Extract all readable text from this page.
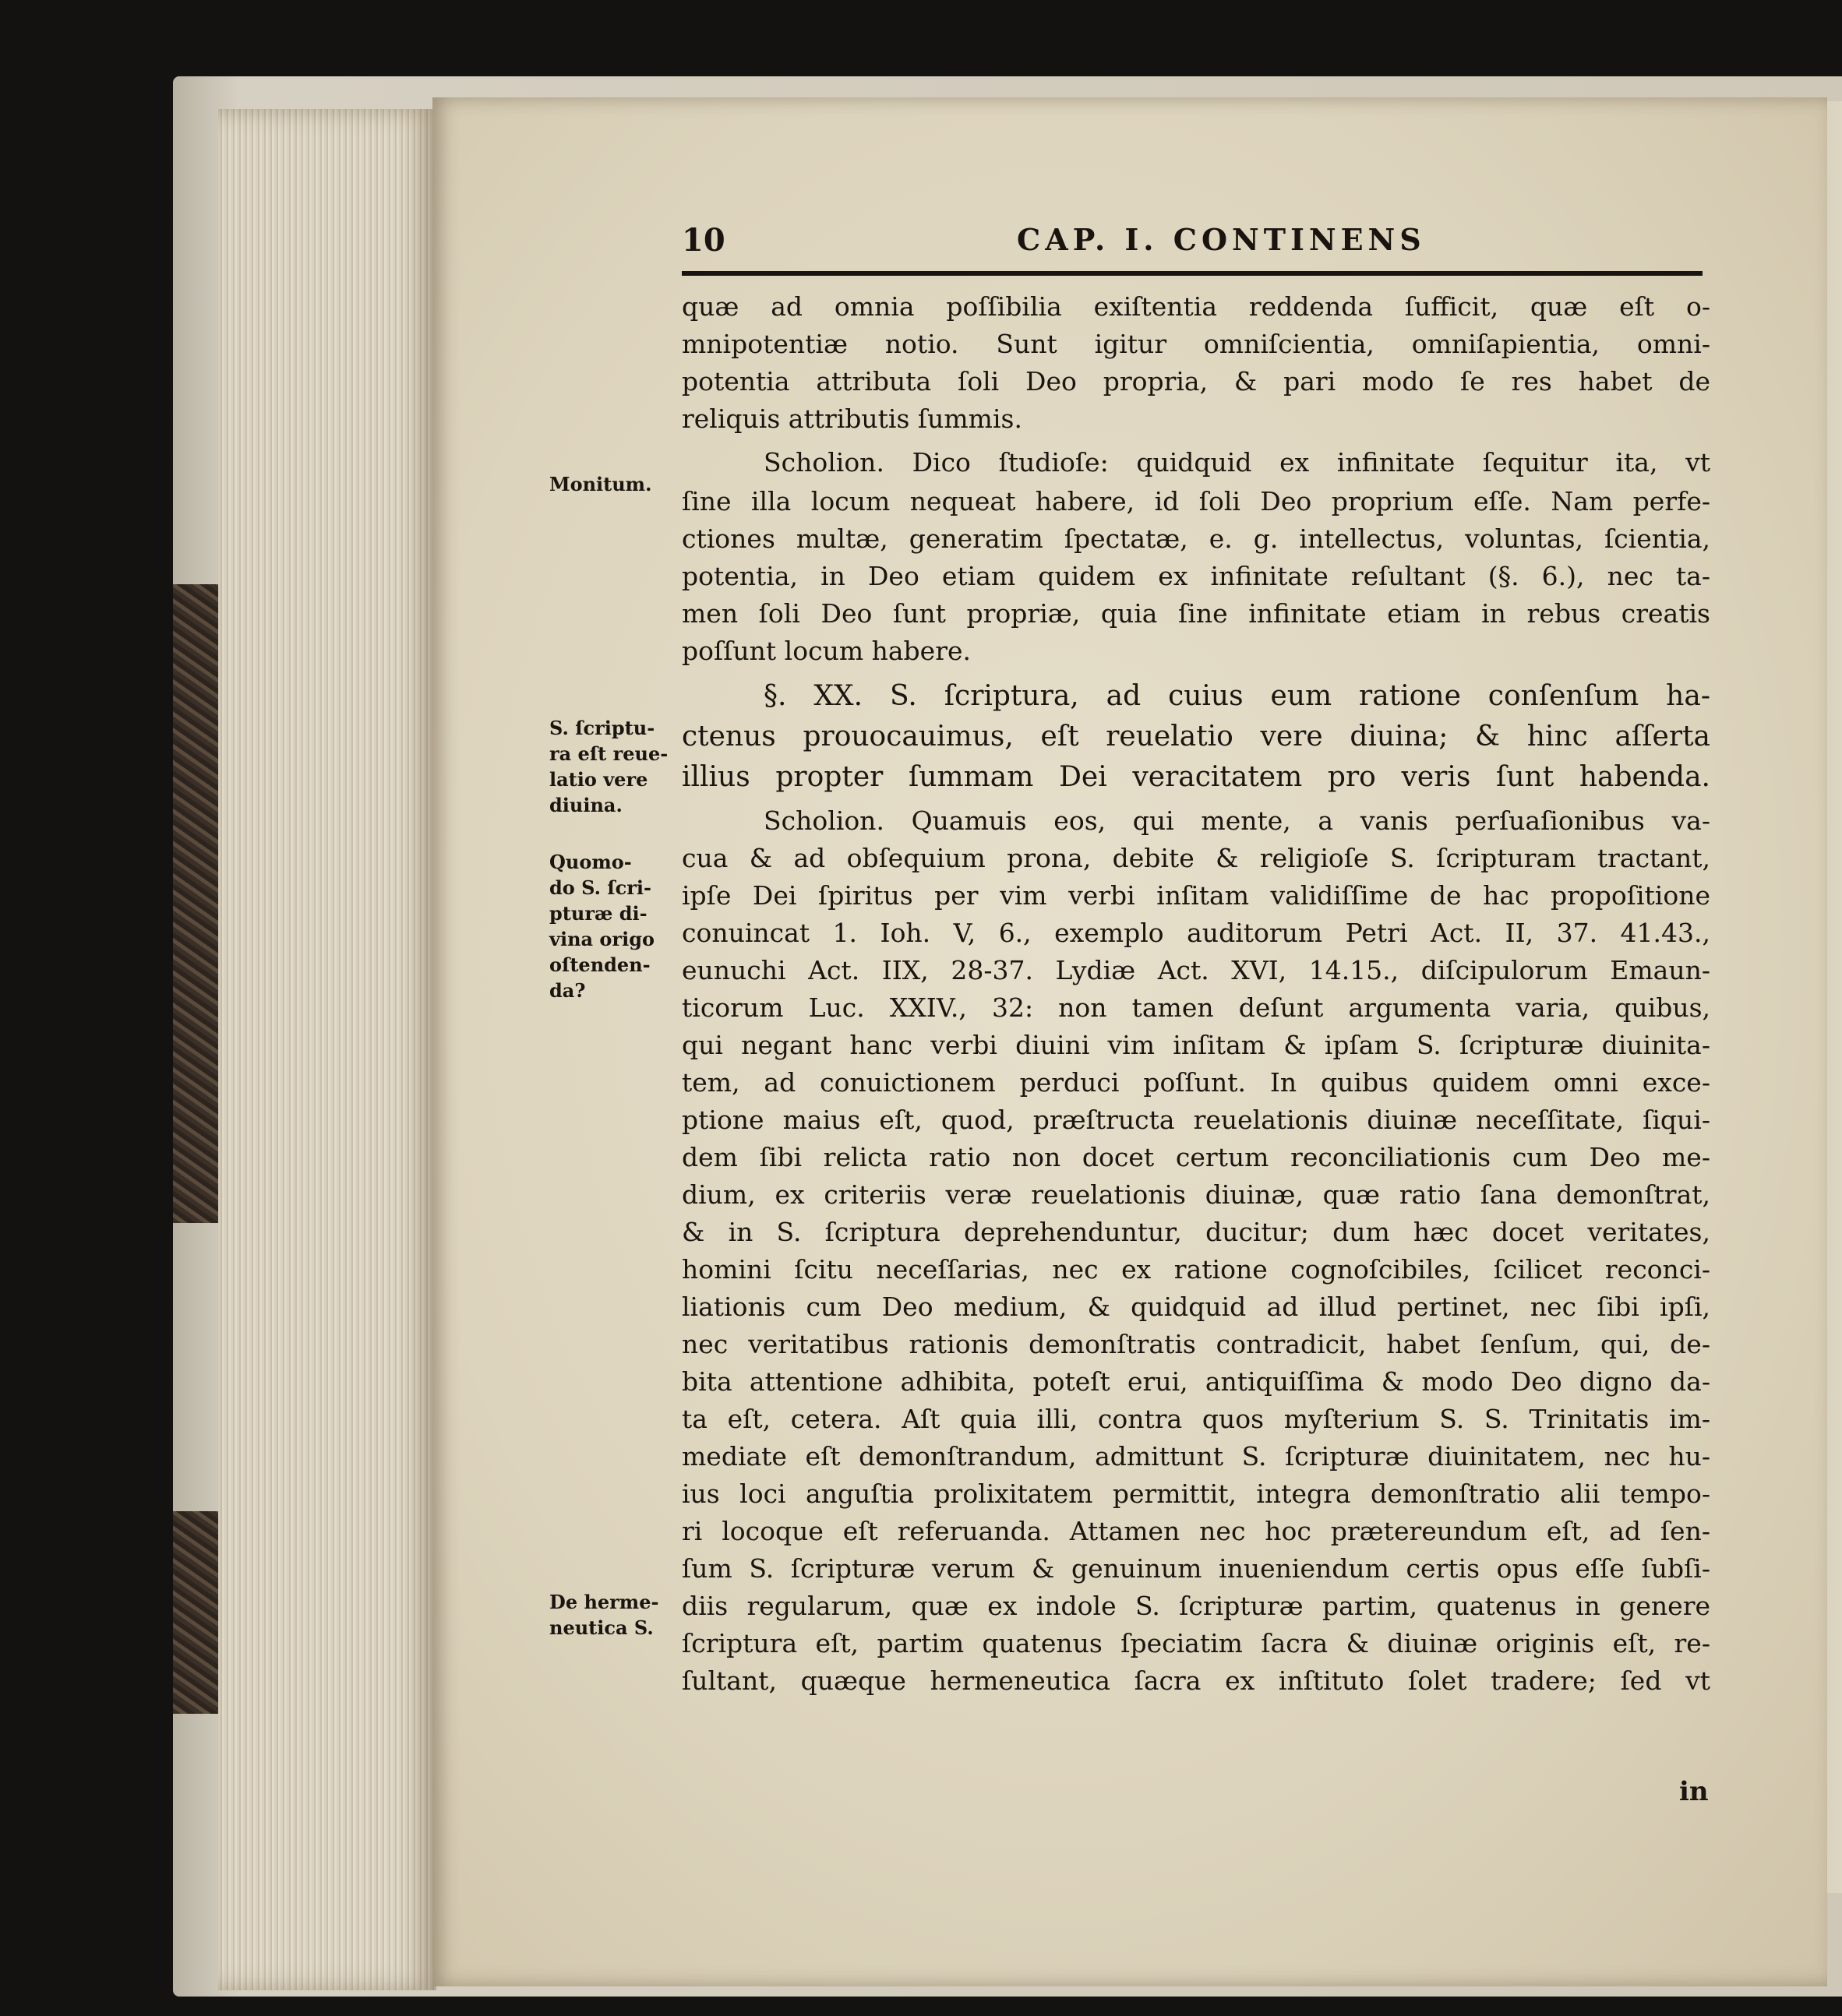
10	CAP. I. CONTINENS
quæ ad omnia poſſibilia exiſtentia reddenda ſufficit, quæ eſt o-
mnipotentiæ notio. Sunt igitur omniſcientia, omniſapientia, omni-
potentia attributa ſoli Deo propria, & pari modo ſe res habet de
reliquis attributis ſummis.
Scholion. Dico ſtudioſe: quidquid ex infinitate ſequitur ita, vt
ſine illa locum nequeat habere, id ſoli Deo proprium eſſe. Nam perfe-
ctiones multæ, generatim ſpectatæ, e. g. intellectus, voluntas, ſcientia,
potentia, in Deo etiam quidem ex infinitate reſultant (§. 6.), nec ta-
men ſoli Deo ſunt propriæ, quia ſine infinitate etiam in rebus creatis
poſſunt locum habere.
§. XX. S. ſcriptura, ad cuius eum ratione conſenſum ha-
ctenus prouocauimus, eſt reuelatio vere diuina; & hinc aſſerta
illius propter ſummam Dei veracitatem pro veris ſunt habenda.
Scholion. Quamuis eos, qui mente, a vanis perſuaſionibus va-
cua & ad obſequium prona, debite & religioſe S. ſcripturam tractant,
ipſe Dei ſpiritus per vim verbi inſitam validiſſime de hac propoſitione
conuincat 1. Ioh. V, 6., exemplo auditorum Petri Act. II, 37. 41.43.,
eunuchi Act. IIX, 28-37. Lydiæ Act. XVI, 14.15., diſcipulorum Emaun-
ticorum Luc. XXIV., 32: non tamen deſunt argumenta varia, quibus,
qui negant hanc verbi diuini vim inſitam & ipſam S. ſcripturæ diuinita-
tem, ad conuictionem perduci poſſunt. In quibus quidem omni exce-
ptione maius eſt, quod, præſtructa reuelationis diuinæ neceſſitate, ſiqui-
dem ſibi relicta ratio non docet certum reconciliationis cum Deo me-
dium, ex criteriis veræ reuelationis diuinæ, quæ ratio ſana demonſtrat,
& in S. ſcriptura deprehenduntur, ducitur; dum hæc docet veritates,
homini ſcitu neceſſarias, nec ex ratione cognoſcibiles, ſcilicet reconci-
liationis cum Deo medium, & quidquid ad illud pertinet, nec ſibi ipſi,
nec veritatibus rationis demonſtratis contradicit, habet ſenſum, qui, de-
bita attentione adhibita, poteſt erui, antiquiſſima & modo Deo digno da-
ta eſt, cetera. Aſt quia illi, contra quos myſterium S. S. Trinitatis im-
mediate eſt demonſtrandum, admittunt S. ſcripturæ diuinitatem, nec hu-
ius loci anguſtia prolixitatem permittit, integra demonſtratio alii tempo-
ri locoque eſt referuanda. Attamen nec hoc prætereundum eſt, ad ſen-
ſum S. ſcripturæ verum & genuinum inueniendum certis opus eſſe ſubſi-
diis regularum, quæ ex indole S. ſcripturæ partim, quatenus in genere
ſcriptura eſt, partim quatenus ſpeciatim ſacra & diuinæ originis eſt, re-
ſultant, quæque hermeneutica ſacra ex inſtituto ſolet tradere; ſed vt
Monitum.
S. ſcriptu-
ra eſt reue-
latio vere
diuina.
Quomo-
do S. ſcri-
pturæ di-
vina origo
oſtenden-
da?
De herme-
neutica S.
in
